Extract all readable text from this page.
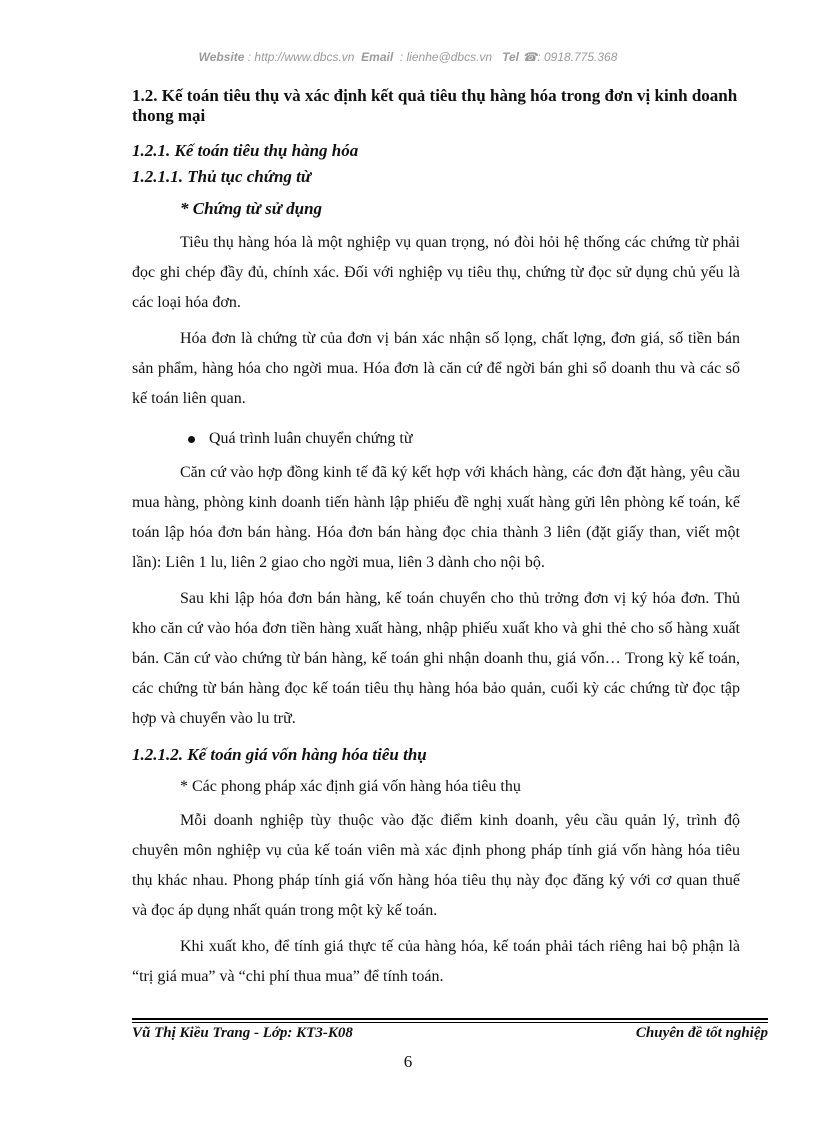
Website : http://www.dbcs.vn Email : lienhe@dbcs.vn Tel ☎: 0918.775.368
1.2. Kế toán tiêu thụ và xác định kết quả tiêu thụ hàng hóa trong đơn vị kinh doanh thong mại
1.2.1. Kế toán tiêu thụ hàng hóa
1.2.1.1. Thủ tục chứng từ
* Chứng từ sử dụng

Tiêu thụ hàng hóa là một nghiệp vụ quan trọng, nó đòi hỏi hệ thống các chứng từ phải đọc ghi chép đầy đủ, chính xác. Đối với nghiệp vụ tiêu thụ, chứng từ đọc sử dụng chủ yếu là các loại hóa đơn.

Hóa đơn là chứng từ của đơn vị bán xác nhận số lọng, chất lợng, đơn giá, số tiền bán sản phẩm, hàng hóa cho ngời mua. Hóa đơn là căn cứ để ngời bán ghi sổ doanh thu và các sổ kế toán liên quan.

Quá trình luân chuyển chứng từ

Căn cứ vào hợp đồng kinh tế đã ký kết hợp với khách hàng, các đơn đặt hàng, yêu cầu mua hàng, phòng kinh doanh tiến hành lập phiếu đề nghị xuất hàng gửi lên phòng kế toán, kế toán lập hóa đơn bán hàng. Hóa đơn bán hàng đọc chia thành 3 liên (đặt giấy than, viết một lần): Liên 1 lu, liên 2 giao cho ngời mua, liên 3 dành cho nội bộ.

Sau khi lập hóa đơn bán hàng, kế toán chuyển cho thủ trởng đơn vị ký hóa đơn. Thủ kho căn cứ vào hóa đơn tiền hàng xuất hàng, nhập phiếu xuất kho và ghi thẻ cho số hàng xuất bán. Căn cứ vào chứng từ bán hàng, kế toán ghi nhận doanh thu, giá vốn… Trong kỳ kế toán, các chứng từ bán hàng đọc kế toán tiêu thụ hàng hóa bảo quản, cuối kỳ các chứng từ đọc tập hợp và chuyển vào lu trữ.

1.2.1.2. Kế toán giá vốn hàng hóa tiêu thụ
* Các phong pháp xác định giá vốn hàng hóa tiêu thụ

Mỗi doanh nghiệp tùy thuộc vào đặc điểm kinh doanh, yêu cầu quản lý, trình độ chuyên môn nghiệp vụ của kế toán viên mà xác định phong pháp tính giá vốn hàng hóa tiêu thụ khác nhau. Phong pháp tính giá vốn hàng hóa tiêu thụ này đọc đăng ký với cơ quan thuế và đọc áp dụng nhất quán trong một kỳ kế toán.

Khi xuất kho, để tính giá thực tế của hàng hóa, kế toán phải tách riêng hai bộ phận là “trị giá mua” và “chi phí thua mua” để tính toán.

Vũ Thị Kiều Trang - Lớp: KT3-K08	Chuyên đề tốt nghiệp
6
